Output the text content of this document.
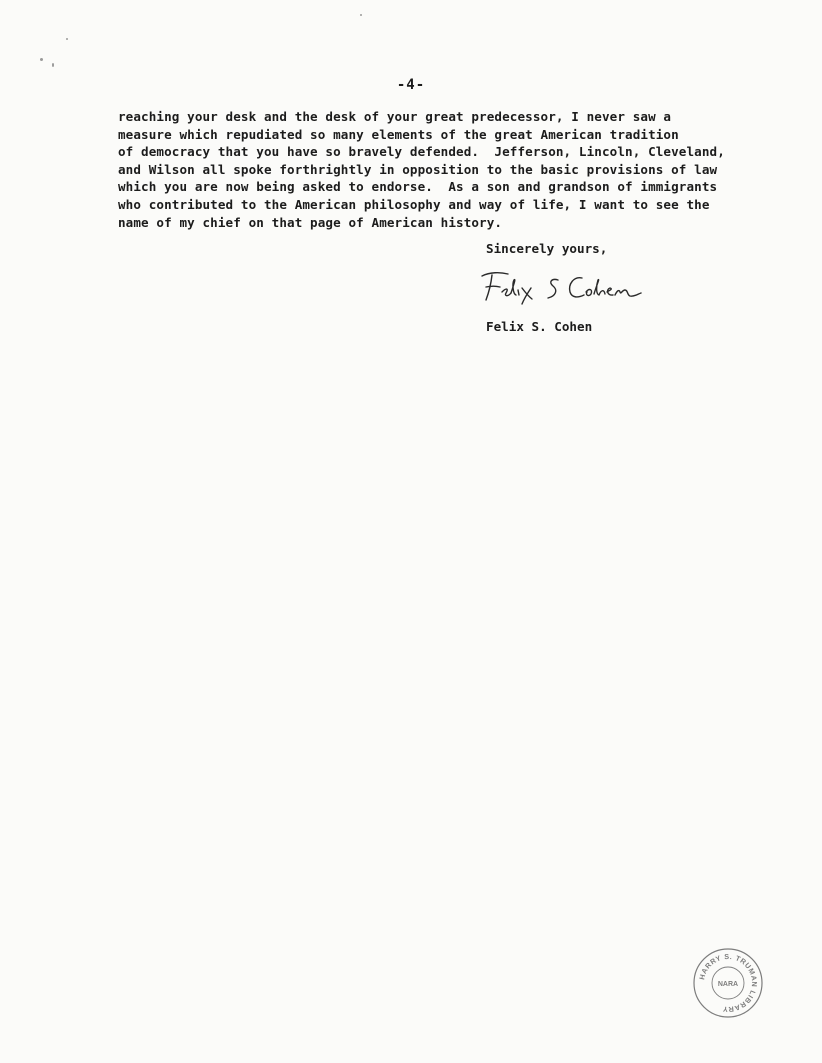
-4-
reaching your desk and the desk of your great predecessor, I never saw a
measure which repudiated so many elements of the great American tradition
of democracy that you have so bravely defended.  Jefferson, Lincoln, Cleveland,
and Wilson all spoke forthrightly in opposition to the basic provisions of law
which you are now being asked to endorse.  As a son and grandson of immigrants
who contributed to the American philosophy and way of life, I want to see the
name of my chief on that page of American history.
Sincerely yours,
Felix S. Cohen
HARRY S. TRUMAN LIBRARY
NARA
